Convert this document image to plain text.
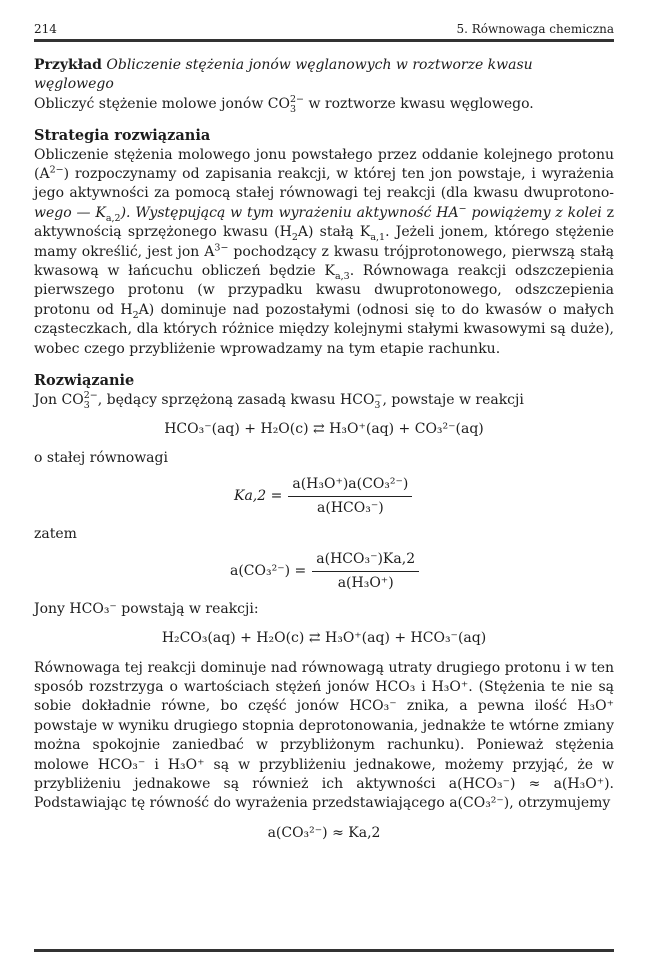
214	5. Równowaga chemiczna

Przykład Obliczenie stężenia jonów węglanowych w roztworze kwasu węglowego

Obliczyć stężenie molowe jonów $CO_3^{2-}$ w roztworze kwasu węglowego.

Strategia rozwiązania

Obliczenie stężenia molowego jonu powstałego przez oddanie kolejnego protonu $(A^{2-})$ rozpoczynamy od zapisania reakcji, w której ten jon powstaje, i wyrażenia jego aktywności za pomocą stałej równowagi tej reakcji (dla kwasu dwuprotono- wego — $K_{a,2}$). Występującą w tym wyrażeniu aktywność HA− powiążemy z kolei z aktywnością sprzężonego kwasu $(H_2A)$ stałą $K_{a,1}$. Jeżeli jonem, którego stężenie mamy określić, jest jon $A^{3-}$ pochodzący z kwasu trójprotonowego, pierwszą stałą kwasową w łańcuchu obliczeń będzie $K_{a,3}$. Równowaga reakcji odszczepienia pierwszego protonu (w przypadku kwasu dwuprotonowego, odszczepienia protonu od $H_2A$) dominuje nad pozostałymi (odnosi się to do kwasów o małych cząsteczkach, dla których różnice między kolejnymi stałymi kwasowymi są duże), wobec czego przybliżenie wprowadzamy na tym etapie rachunku.

Rozwiązanie

Jon $CO_3^{2-}$, będący sprzężoną zasadą kwasu $HCO_3^-$, powstaje w reakcji

HCO₃⁻(aq) + H₂O(c) ⇄ H₃O⁺(aq) + CO₃²⁻(aq)

o stałej równowagi

$Ka,2 = \frac{\text{a(H₃O⁺)a(CO₃²⁻)}}{\text{a(HCO₃⁻)}}$

zatem

$a(CO_3^{2-}) = \frac{\text{a(HCO₃⁻)Ka,2}}{\text{a(H₃O⁺)}}$

Jony HCO₃⁻ powstają w reakcji:

H₂CO₃(aq) + H₂O(c) ⇄ H₃O⁺(aq) + HCO₃⁻(aq)

Równowaga tej reakcji dominuje nad równowagą utraty drugiego protonu i w ten sposób rozstrzyga o wartościach stężeń jonów HCO₃ i H₃O⁺. (Stężenia te nie są sobie dokładnie równe, bo część jonów HCO₃⁻ znika, a pewna ilość H₃O⁺ powstaje w wyniku drugiego stopnia deprotonowania, jednakże te wtórne zmiany można spokojnie zaniedbać w przybliżonym rachunku). Ponieważ stężenia molowe HCO₃⁻ i H₃O⁺ są w przybliżeniu jednakowe, możemy przyjąć, że w przybliżeniu jednakowe są również ich aktywności a(HCO₃⁻) ≈ a(H₃O⁺). Podstawiając tę równość do wyrażenia przedstawiającego a(CO₃²⁻), otrzymujemy

a(CO₃²⁻) ≈ Ka,2
